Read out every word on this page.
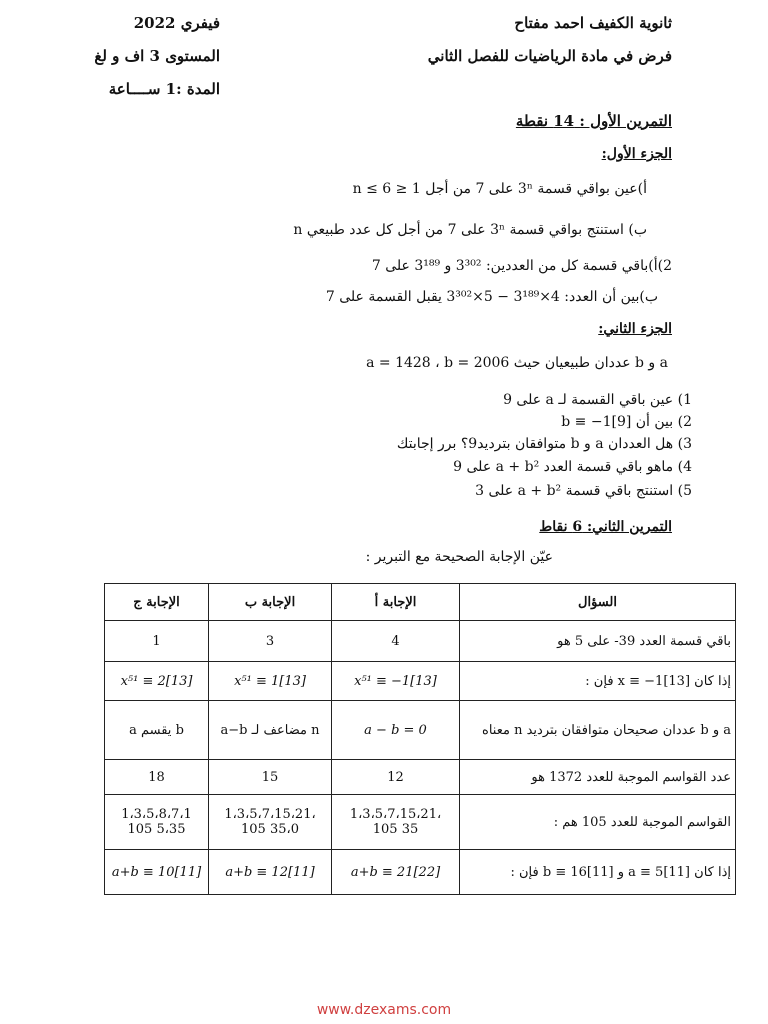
ثانوية الكفيف احمد مفتاح
فرض في مادة الرياضيات للفصل الثاني
فيفري 2022
المستوى 3 اف و لغ
المدة :1 ســــاعة
التمرين الأول : 14 نقطة
الجزء الأول:
أ)عين بواقي قسمة 3ⁿ على 7 من أجل 1 ≤ n ≤ 6
ب) استنتج بواقي قسمة 3ⁿ على 7 من أجل كل عدد طبيعي n
2)أ)باقي قسمة كل من العددين: 3³⁰² و 3¹⁸⁹ على 7
ب)بين أن العدد: 4×3¹⁸⁹ − 5×3³⁰² يقبل القسمة على 7
الجزء الثاني:
a و b عددان طبيعيان حيث a = 1428 ، b = 2006
1) عين باقي القسمة لـ a على 9
2) بين أن b ≡ −1[9]
3) هل العددان a و b متوافقان بترديد9؟ برر إجابتك
4) ماهو باقي قسمة العدد a + b² على 9
5) استنتج باقي قسمة a + b² على 3
التمرين الثاني: 6 نقاط
عيّن الإجابة الصحيحة مع التبرير :
الإجابة ج	الإجابة ب	الإجابة أ	السؤال
1	3	4	باقي قسمة العدد 39- على 5 هو
x⁵¹ ≡ 2[13]	x⁵¹ ≡ 1[13]	x⁵¹ ≡ −1[13]	إذا كان x ≡ −1[13] فإن :
a يقسم b	a−b مضاعف لـ n	a − b = 0	a و b عددان صحيحان متوافقان بترديد n معناه
18	15	12	عدد القواسم الموجبة للعدد 1372 هو
1،3،5،8،7،1 105 5،35	1،3،5،7،15،21، 105 35،0	1،3،5،7،15،21، 105 35	القواسم الموجبة للعدد 105 هم :
a+b ≡ 10[11]	a+b ≡ 12[11]	a+b ≡ 21[22]	إذا كان a ≡ 5[11] و b ≡ 16[11] فإن :
www.dzexams.com
